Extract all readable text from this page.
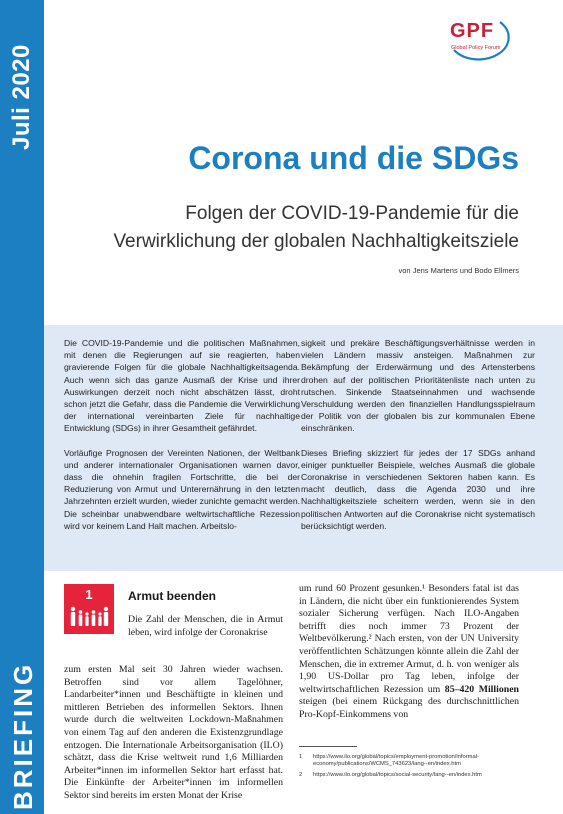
Juli 2020
BRIEFING
GPF
Global Policy Forum
Corona und die SDGs
Folgen der COVID-19-Pandemie für die Verwirklichung der globalen Nachhaltigkeitsziele
von Jens Martens und Bodo Ellmers

Die COVID-19-Pandemie und die politischen Maßnahmen, mit denen die Regierungen auf sie reagierten, haben gravierende Folgen für die globale Nachhaltigkeitsagenda. Auch wenn sich das ganze Ausmaß der Krise und ihrer Auswirkungen derzeit noch nicht abschätzen lässt, droht schon jetzt die Gefahr, dass die Pandemie die Verwirklichung der international vereinbarten Ziele für nachhaltige Entwicklung (SDGs) in ihrer Gesamtheit gefährdet.

Vorläufige Prognosen der Vereinten Nationen, der Weltbank und anderer internationaler Organisationen warnen davor, dass die ohnehin fragilen Fortschritte, die bei der Reduzierung von Armut und Unterernährung in den letzten Jahrzehnten erzielt wurden, wieder zunichte gemacht werden. Die scheinbar unabwendbare weltwirtschaftliche Rezession wird vor keinem Land Halt machen. Arbeitslo-

sigkeit und prekäre Beschäftigungsverhältnisse werden in vielen Ländern massiv ansteigen. Maßnahmen zur Bekämpfung der Erderwärmung und des Artensterbens drohen auf der politischen Prioritätenliste nach unten zu rutschen. Sinkende Staatseinnahmen und wachsende Verschuldung werden den finanziellen Handlungsspielraum der Politik von der globalen bis zur kommunalen Ebene einschränken.

Dieses Briefing skizziert für jedes der 17 SDGs anhand einiger punktueller Beispiele, welches Ausmaß die globale Coronakrise in verschiedenen Sektoren haben kann. Es macht deutlich, dass die Agenda 2030 und ihre Nachhaltigkeitsziele scheitern werden, wenn sie in den politischen Antworten auf die Coronakrise nicht systematisch berücksichtigt werden.

1	Armut beenden
Die Zahl der Menschen, die in Armut leben, wird infolge der Coronakrise
zum ersten Mal seit 30 Jahren wieder wachsen. Betroffen sind vor allem Tagelöhner, Landarbeiter*innen und Beschäftigte in kleinen und mittleren Betrieben des informellen Sektors. Ihnen wurde durch die weltweiten Lockdown-Maßnahmen von einem Tag auf den anderen die Existenzgrundlage entzogen. Die Internationale Arbeitsorganisation (ILO) schätzt, dass die Krise weltweit rund 1,6 Milliarden Arbeiter*innen im informellen Sektor hart erfasst hat. Die Einkünfte der Arbeiter*innen im informellen Sektor sind bereits im ersten Monat der Krise
um rund 60 Prozent gesunken.¹ Besonders fatal ist das in Ländern, die nicht über ein funktionierendes System sozialer Sicherung verfügen. Nach ILO-Angaben betrifft dies noch immer 73 Prozent der Weltbevölkerung.² Nach ersten, von der UN University veröffentlichten Schätzungen könnte allein die Zahl der Menschen, die in extremer Armut, d. h. von weniger als 1,90 US-Dollar pro Tag leben, infolge der weltwirtschaftlichen Rezession um 85–420 Millionen steigen (bei einem Rückgang des durchschnittlichen Pro-Kopf-Einkommens von
1 https://www.ilo.org/global/topics/employment-promotion/informal-economy/publications/WCMS_743623/lang--en/index.htm
2 https://www.ilo.org/global/topics/social-security/lang--en/index.htm
